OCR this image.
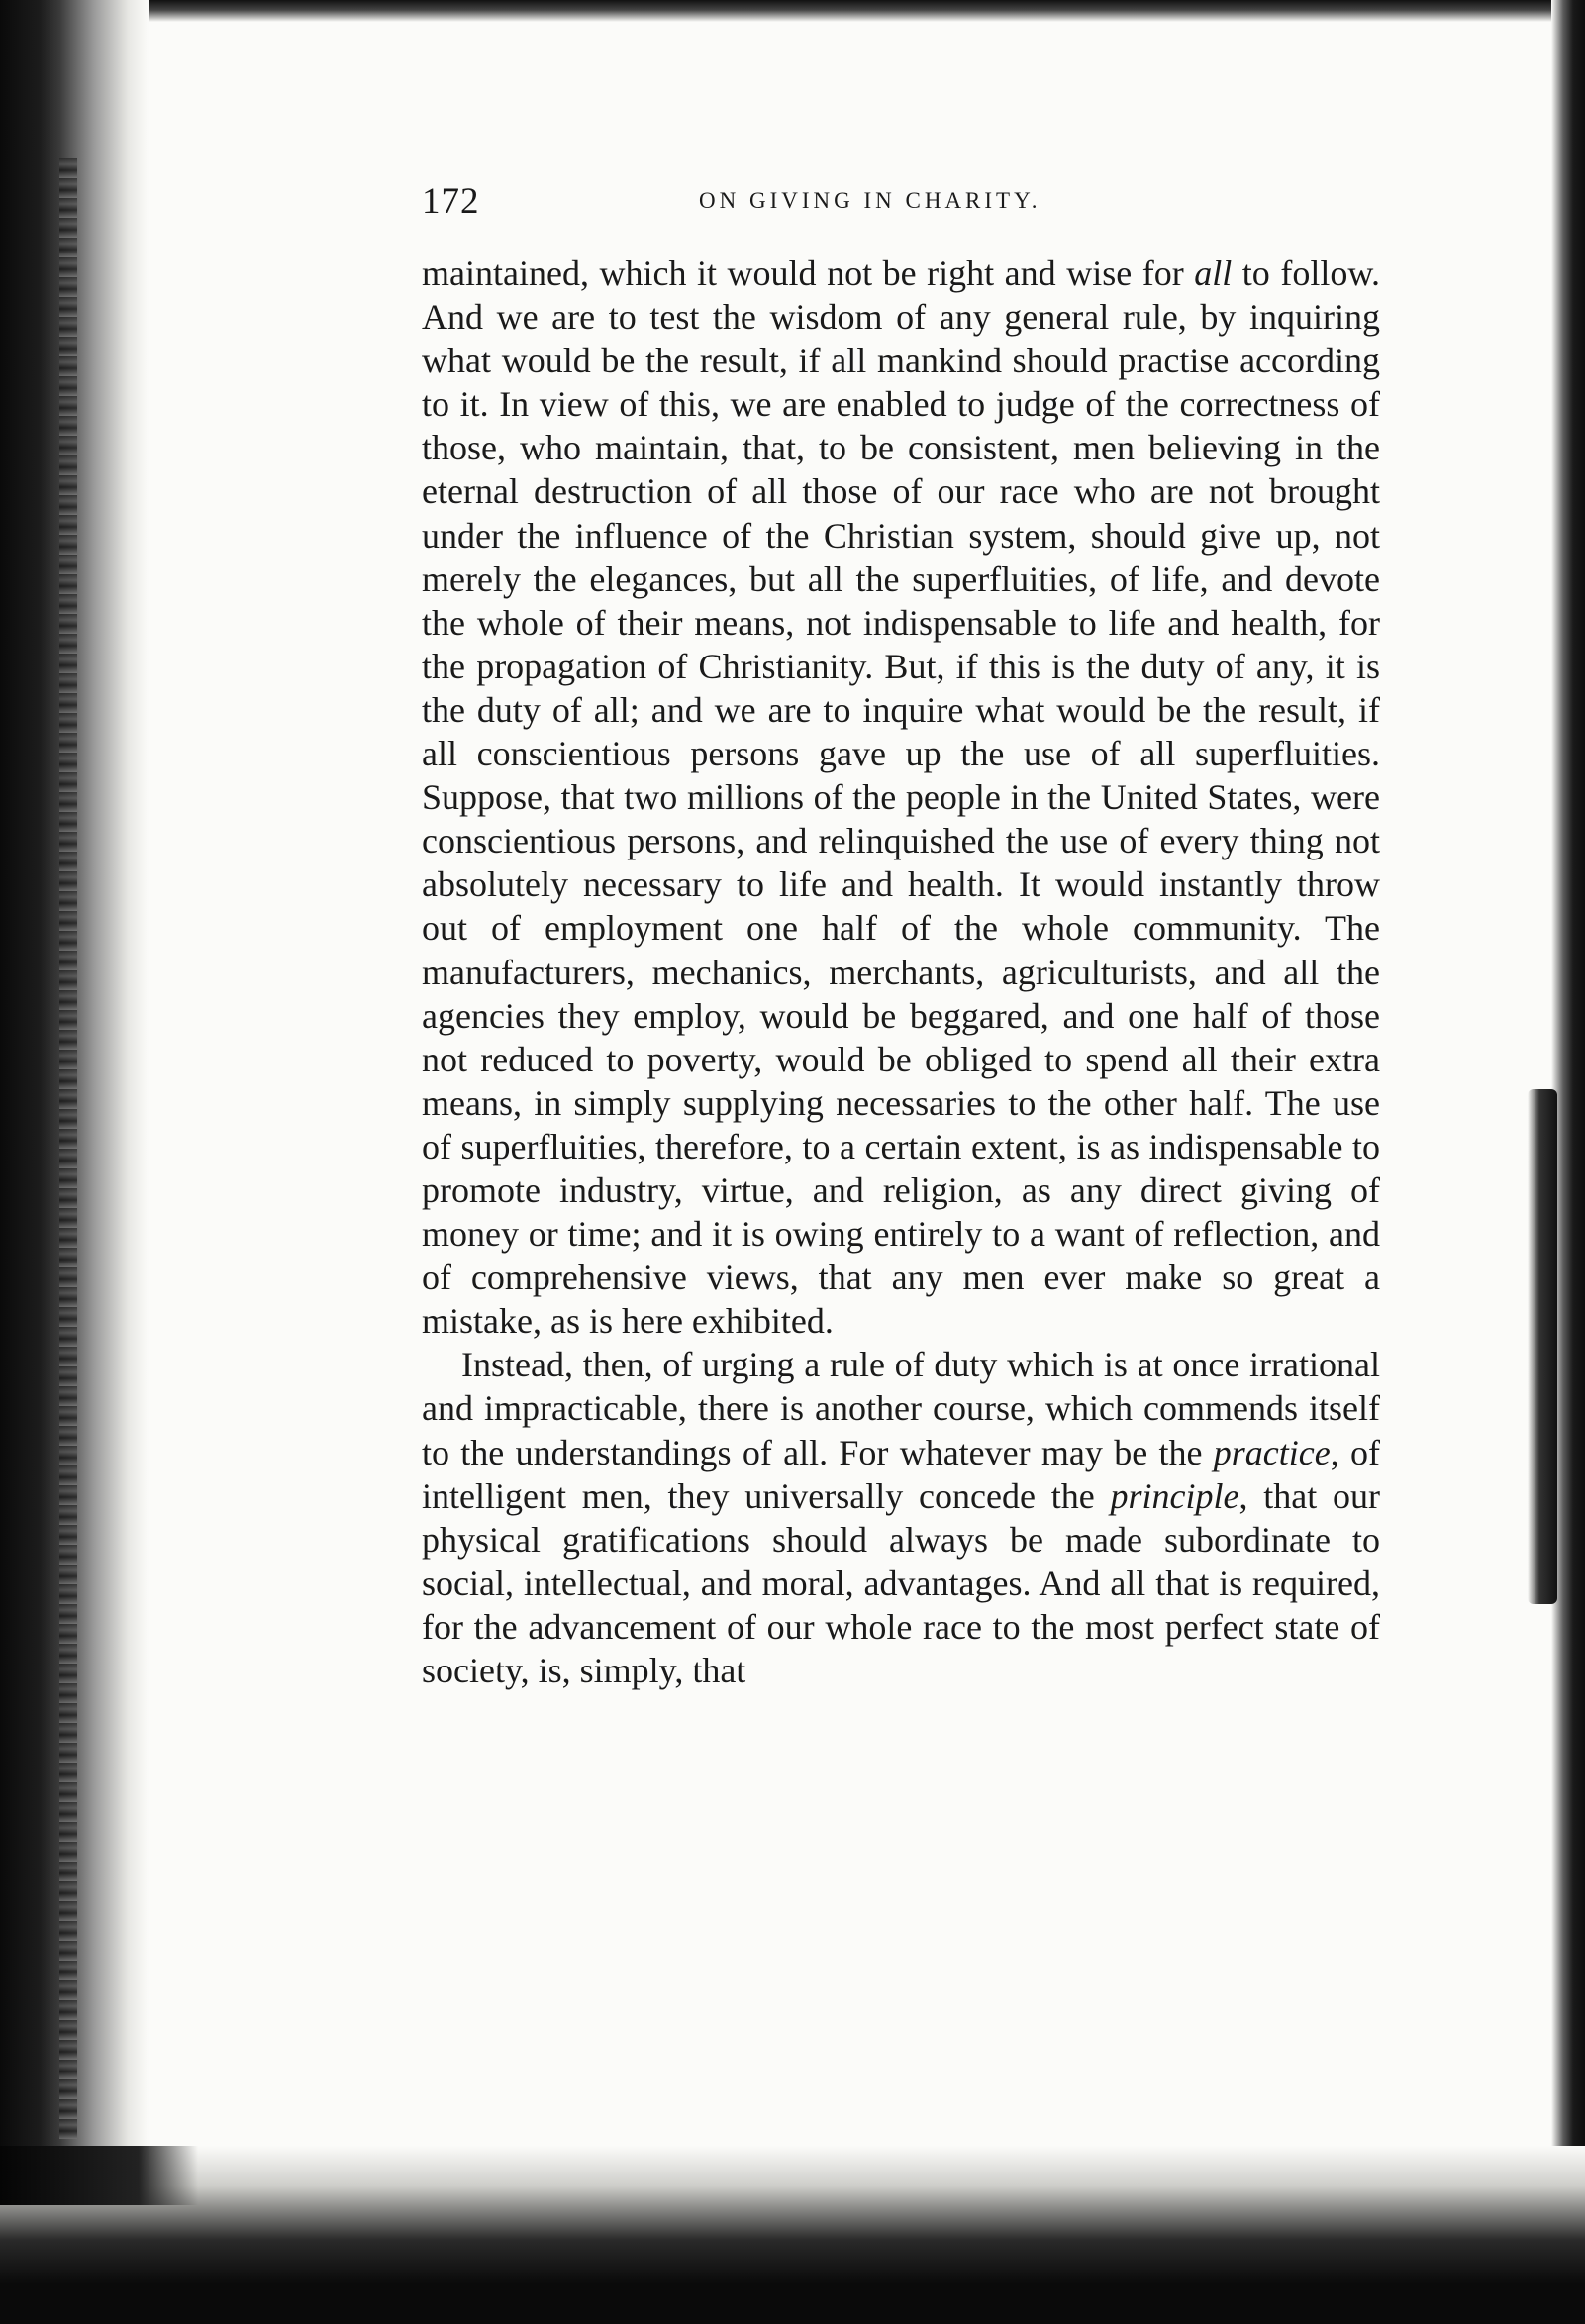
172	ON GIVING IN CHARITY.

maintained, which it would not be right and wise for all to follow. And we are to test the wisdom of any general rule, by inquiring what would be the result, if all mankind should practise according to it. In view of this, we are enabled to judge of the correctness of those, who maintain, that, to be consistent, men believing in the eternal destruction of all those of our race who are not brought under the influence of the Christian system, should give up, not merely the elegances, but all the superfluities, of life, and devote the whole of their means, not indispensable to life and health, for the propagation of Christianity. But, if this is the duty of any, it is the duty of all; and we are to inquire what would be the result, if all conscientious persons gave up the use of all superfluities. Suppose, that two millions of the people in the United States, were conscientious persons, and relinquished the use of every thing not absolutely necessary to life and health. It would instantly throw out of employment one half of the whole community. The manufacturers, mechanics, merchants, agriculturists, and all the agencies they employ, would be beggared, and one half of those not reduced to poverty, would be obliged to spend all their extra means, in simply supplying necessaries to the other half. The use of superfluities, therefore, to a certain extent, is as indispensable to promote industry, virtue, and religion, as any direct giving of money or time; and it is owing entirely to a want of reflection, and of comprehensive views, that any men ever make so great a mistake, as is here exhibited.

Instead, then, of urging a rule of duty which is at once irrational and impracticable, there is another course, which commends itself to the understandings of all. For whatever may be the practice, of intelligent men, they universally concede the principle, that our physical gratifications should always be made subordinate to social, intellectual, and moral, advantages. And all that is required, for the advancement of our whole race to the most perfect state of society, is, simply, that
